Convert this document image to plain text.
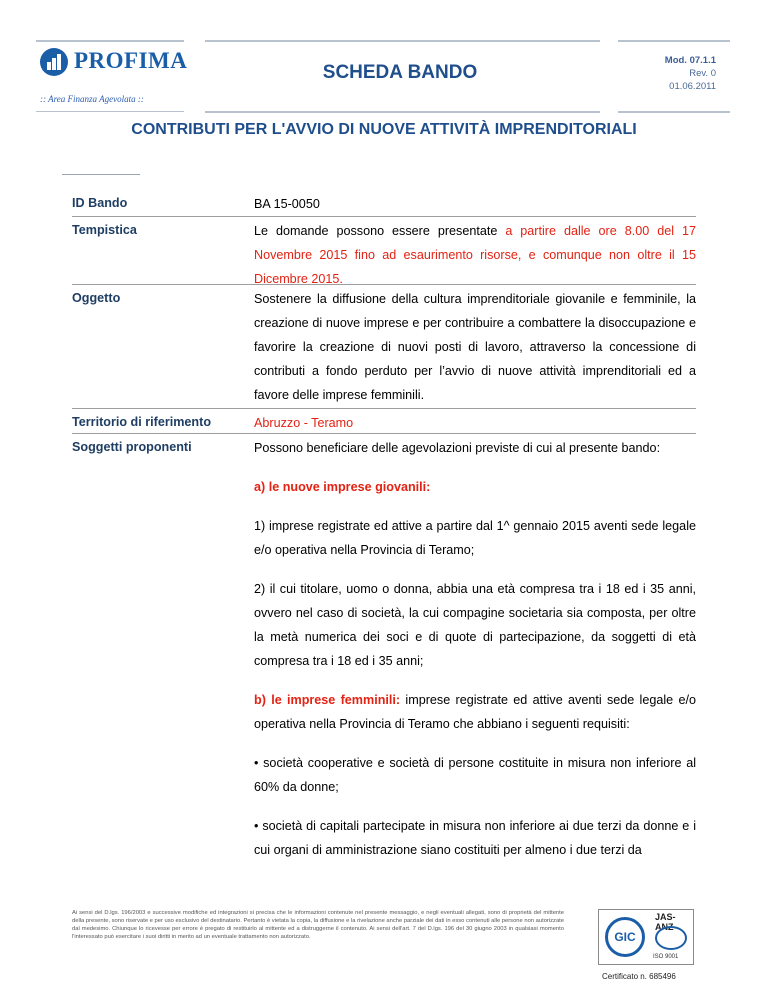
PROFIMA
:: Area Finanza Agevolata ::
SCHEDA BANDO
Mod. 07.1.1
Rev. 0
01.06.2011
CONTRIBUTI PER L'AVVIO DI NUOVE ATTIVITÀ IMPRENDITORIALI
ID Bando	BA 15-0050
Tempistica	Le domande possono essere presentate a partire dalle ore 8.00 del 17 Novembre 2015 fino ad esaurimento risorse, e comunque non oltre il 15 Dicembre 2015.
Oggetto	Sostenere la diffusione della cultura imprenditoriale giovanile e femminile, la creazione di nuove imprese e per contribuire a combattere la disoccupazione e favorire la creazione di nuovi posti di lavoro, attraverso la concessione di contributi a fondo perduto per l’avvio di nuove attività imprenditoriali ed a favore delle imprese femminili.
Territorio di riferimento	Abruzzo - Teramo
Soggetti proponenti	Possono beneficiare delle agevolazioni previste di cui al presente bando:
a) le nuove imprese giovanili:
1) imprese registrate ed attive a partire dal 1^ gennaio 2015 aventi sede legale e/o operativa nella Provincia di Teramo;
2) il cui titolare, uomo o donna, abbia una età compresa tra i 18 ed i 35 anni, ovvero nel caso di società, la cui compagine societaria sia composta, per oltre la metà numerica dei soci e di quote di partecipazione, da soggetti di età compresa tra i 18 ed i 35 anni;
b) le imprese femminili: imprese registrate ed attive aventi sede legale e/o operativa nella Provincia di Teramo che abbiano i seguenti requisiti:
• società cooperative e società di persone costituite in misura non inferiore al 60% da donne;
• società di capitali partecipate in misura non inferiore ai due terzi da donne e i cui organi di amministrazione siano costituiti per almeno i due terzi da
Ai sensi del D.lgs. 196/2003 e successive modifiche ed integrazioni si precisa che le informazioni contenute nel presente messaggio, e negli eventuali allegati, sono di proprietà del mittente della presente, sono riservate e per uso esclusivo del destinatario. Pertanto è vietata la copia, la diffusione e la rivelazione anche parziale dei dati in esso contenuti alle persone non autorizzate dal medesimo. Chiunque lo ricevesse per errore è pregato di restituirlo al mittente ed a distruggerne il contenuto. Ai sensi dell'art. 7 del D.lgs. 196 del 30 giugno 2003 in qualsiasi momento l'interessato può esercitare i suoi diritti in merito ad un eventuale trattamento non autorizzato.	GIC
JAS-ANZ
ISO 9001
Certificato n. 685496
